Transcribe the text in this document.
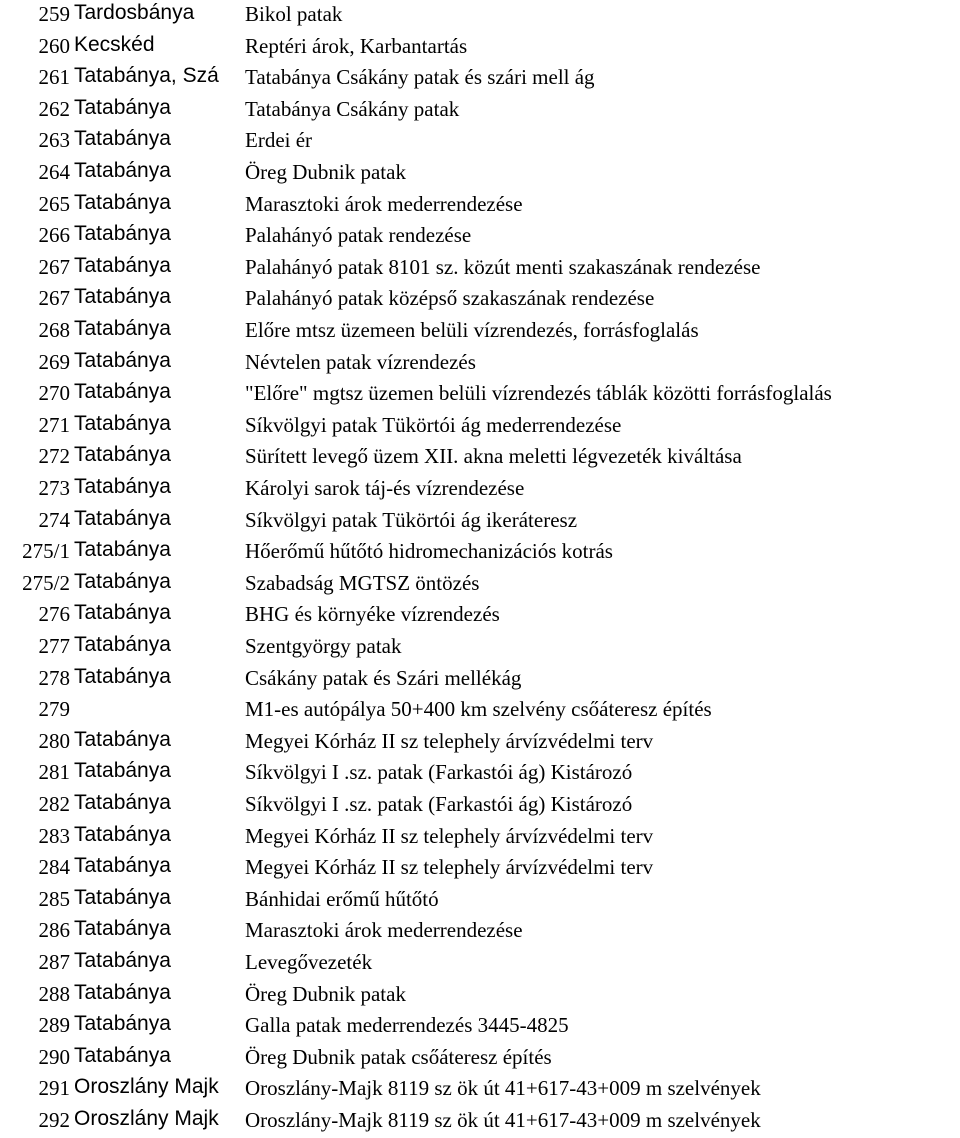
259 Tardosbánya	Bikol patak
260 Kecskéd	Reptéri árok, Karbantartás
261 Tatabánya, Szá	Tatabánya Csákány patak és szári mell ág
262 Tatabánya	Tatabánya Csákány patak
263 Tatabánya	Erdei ér
264 Tatabánya	Öreg Dubnik patak
265 Tatabánya	Marasztoki árok mederrendezése
266 Tatabánya	Palahányó patak rendezése
267 Tatabánya	Palahányó patak 8101 sz. közút menti szakaszának rendezése
267 Tatabánya	Palahányó patak középső szakaszának rendezése
268 Tatabánya	Előre mtsz üzemeen belüli vízrendezés, forrásfoglalás
269 Tatabánya	Névtelen patak vízrendezés
270 Tatabánya	"Előre" mgtsz üzemen belüli vízrendezés táblák közötti forrásfoglalás
271 Tatabánya	Síkvölgyi patak Tükörtói ág mederrendezése
272 Tatabánya	Sürített levegő üzem XII. akna meletti légvezeték kiváltása
273 Tatabánya	Károlyi sarok táj-és vízrendezése
274 Tatabánya	Síkvölgyi patak Tükörtói ág ikeráteresz
275/1 Tatabánya	Hőerőmű hűtőtó hidromechanizációs kotrás
275/2 Tatabánya	Szabadság MGTSZ öntözés
276 Tatabánya	BHG és környéke vízrendezés
277 Tatabánya	Szentgyörgy patak
278 Tatabánya	Csákány patak és Szári mellékág
279	M1-es autópálya 50+400 km szelvény csőáteresz építés
280 Tatabánya	Megyei Kórház II sz telephely árvízvédelmi terv
281 Tatabánya	Síkvölgyi I .sz. patak (Farkastói ág) Kistározó
282 Tatabánya	Síkvölgyi I .sz. patak (Farkastói ág) Kistározó
283 Tatabánya	Megyei Kórház II sz telephely árvízvédelmi terv
284 Tatabánya	Megyei Kórház II sz telephely árvízvédelmi terv
285 Tatabánya	Bánhidai erőmű hűtőtó
286 Tatabánya	Marasztoki árok mederrendezése
287 Tatabánya	Levegővezeték
288 Tatabánya	Öreg Dubnik patak
289 Tatabánya	Galla patak mederrendezés 3445-4825
290 Tatabánya	Öreg Dubnik patak csőáteresz építés
291 Oroszlány Majk	Oroszlány-Majk 8119 sz ök út 41+617-43+009 m szelvények
292 Oroszlány Majk	Oroszlány-Majk 8119 sz ök út 41+617-43+009 m szelvények
